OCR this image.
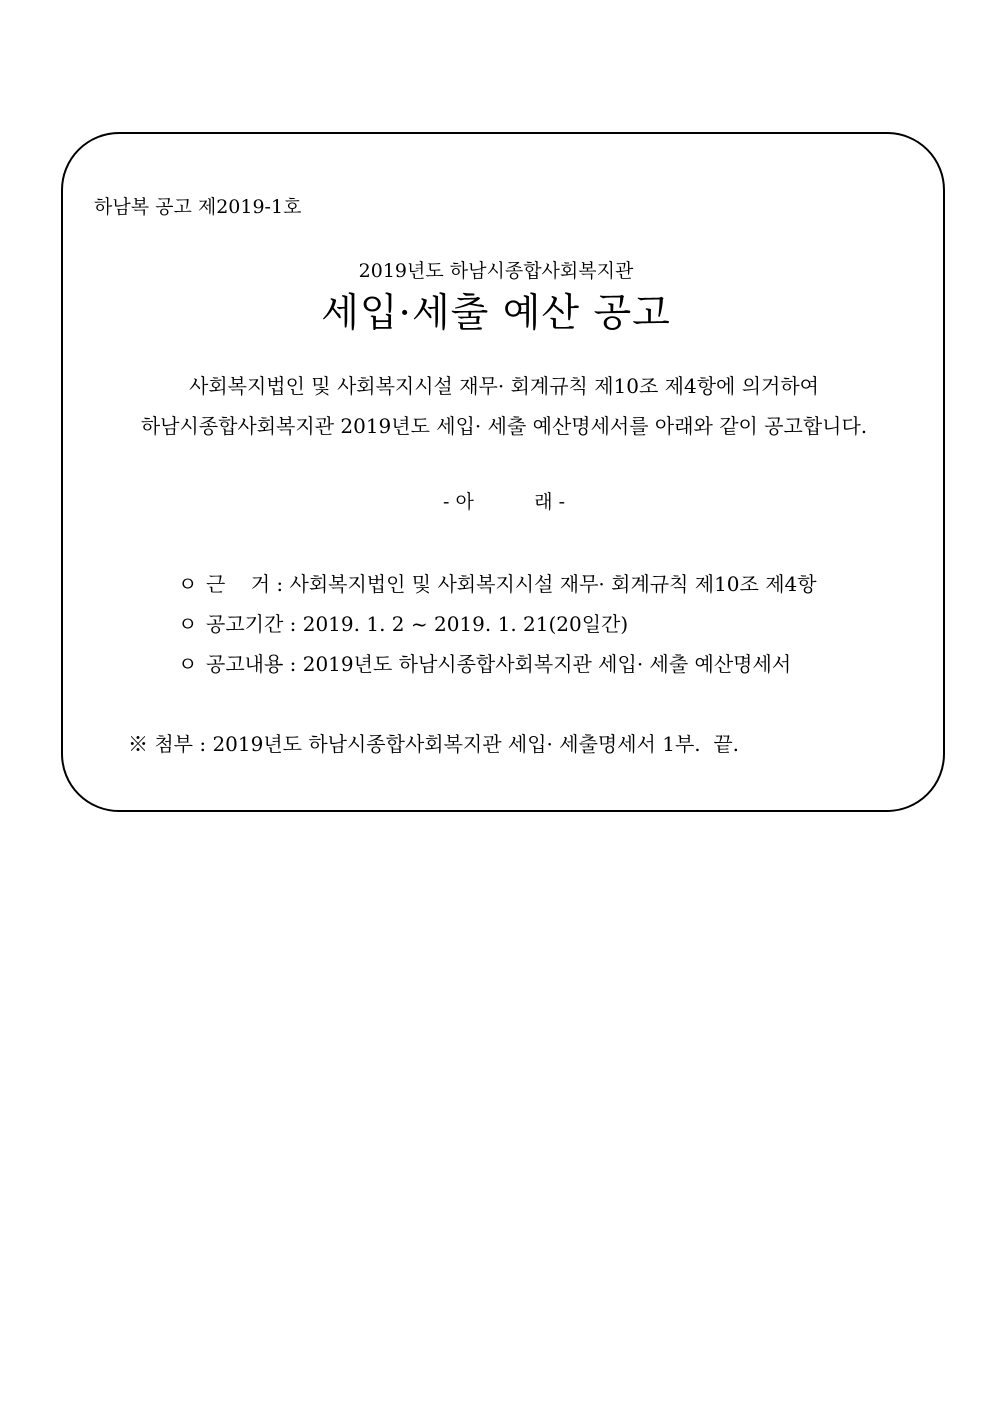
하남복 공고 제2019-1호
2019년도 하남시종합사회복지관
세입·세출 예산 공고
사회복지법인 및 사회복지시설 재무· 회계규칙 제10조 제4항에 의거하여
하남시종합사회복지관 2019년도 세입· 세출 예산명세서를 아래와 같이 공고합니다.
- 아          래 -
ㅇ 근    거 : 사회복지법인 및 사회복지시설 재무· 회계규칙 제10조 제4항
ㅇ 공고기간 : 2019. 1. 2 ~ 2019. 1. 21(20일간)
ㅇ 공고내용 : 2019년도 하남시종합사회복지관 세입· 세출 예산명세서
※ 첨부 : 2019년도 하남시종합사회복지관 세입· 세출명세서 1부.  끝.
